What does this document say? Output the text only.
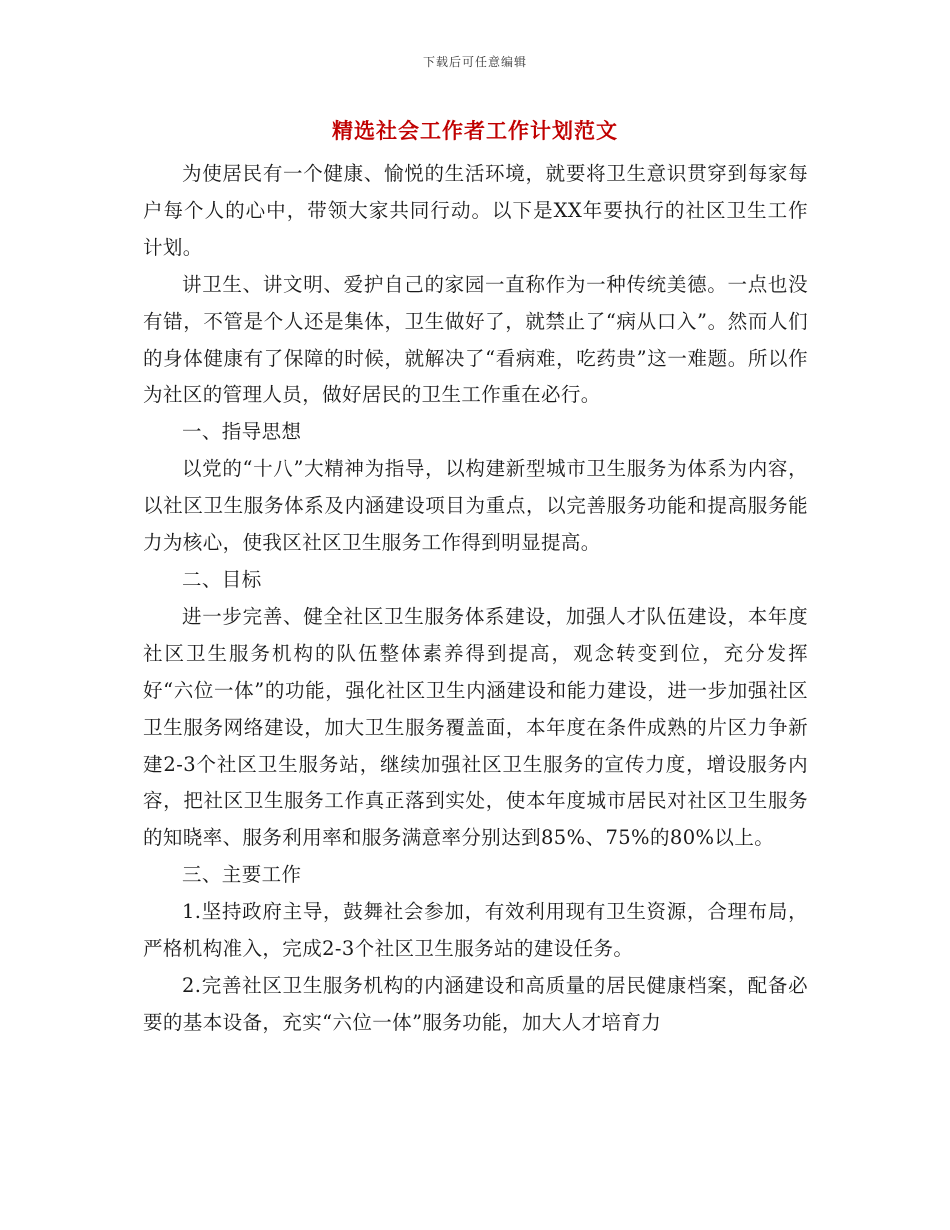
下载后可任意编辑
精选社会工作者工作计划范文

为使居民有一个健康、愉悦的生活环境，就要将卫生意识贯穿到每家每户每个人的心中，带领大家共同行动。以下是XX年要执行的社区卫生工作计划。

讲卫生、讲文明、爱护自己的家园一直称作为一种传统美德。一点也没有错，不管是个人还是集体，卫生做好了，就禁止了“病从口入”。然而人们的身体健康有了保障的时候，就解决了“看病难，吃药贵”这一难题。所以作为社区的管理人员，做好居民的卫生工作重在必行。

一、指导思想

以党的“十八”大精神为指导，以构建新型城市卫生服务为体系为内容，以社区卫生服务体系及内涵建设项目为重点，以完善服务功能和提高服务能力为核心，使我区社区卫生服务工作得到明显提高。

二、目标

进一步完善、健全社区卫生服务体系建设，加强人才队伍建设，本年度社区卫生服务机构的队伍整体素养得到提高，观念转变到位，充分发挥好“六位一体”的功能，强化社区卫生内涵建设和能力建设，进一步加强社区卫生服务网络建设，加大卫生服务覆盖面，本年度在条件成熟的片区力争新建2-3个社区卫生服务站，继续加强社区卫生服务的宣传力度，增设服务内容，把社区卫生服务工作真正落到实处，使本年度城市居民对社区卫生服务的知晓率、服务利用率和服务满意率分别达到85%、75%的80%以上。

三、主要工作

1.坚持政府主导，鼓舞社会参加，有效利用现有卫生资源，合理布局，严格机构准入，完成2-3个社区卫生服务站的建设任务。

2.完善社区卫生服务机构的内涵建设和高质量的居民健康档案，配备必要的基本设备，充实“六位一体”服务功能，加大人才培育力
